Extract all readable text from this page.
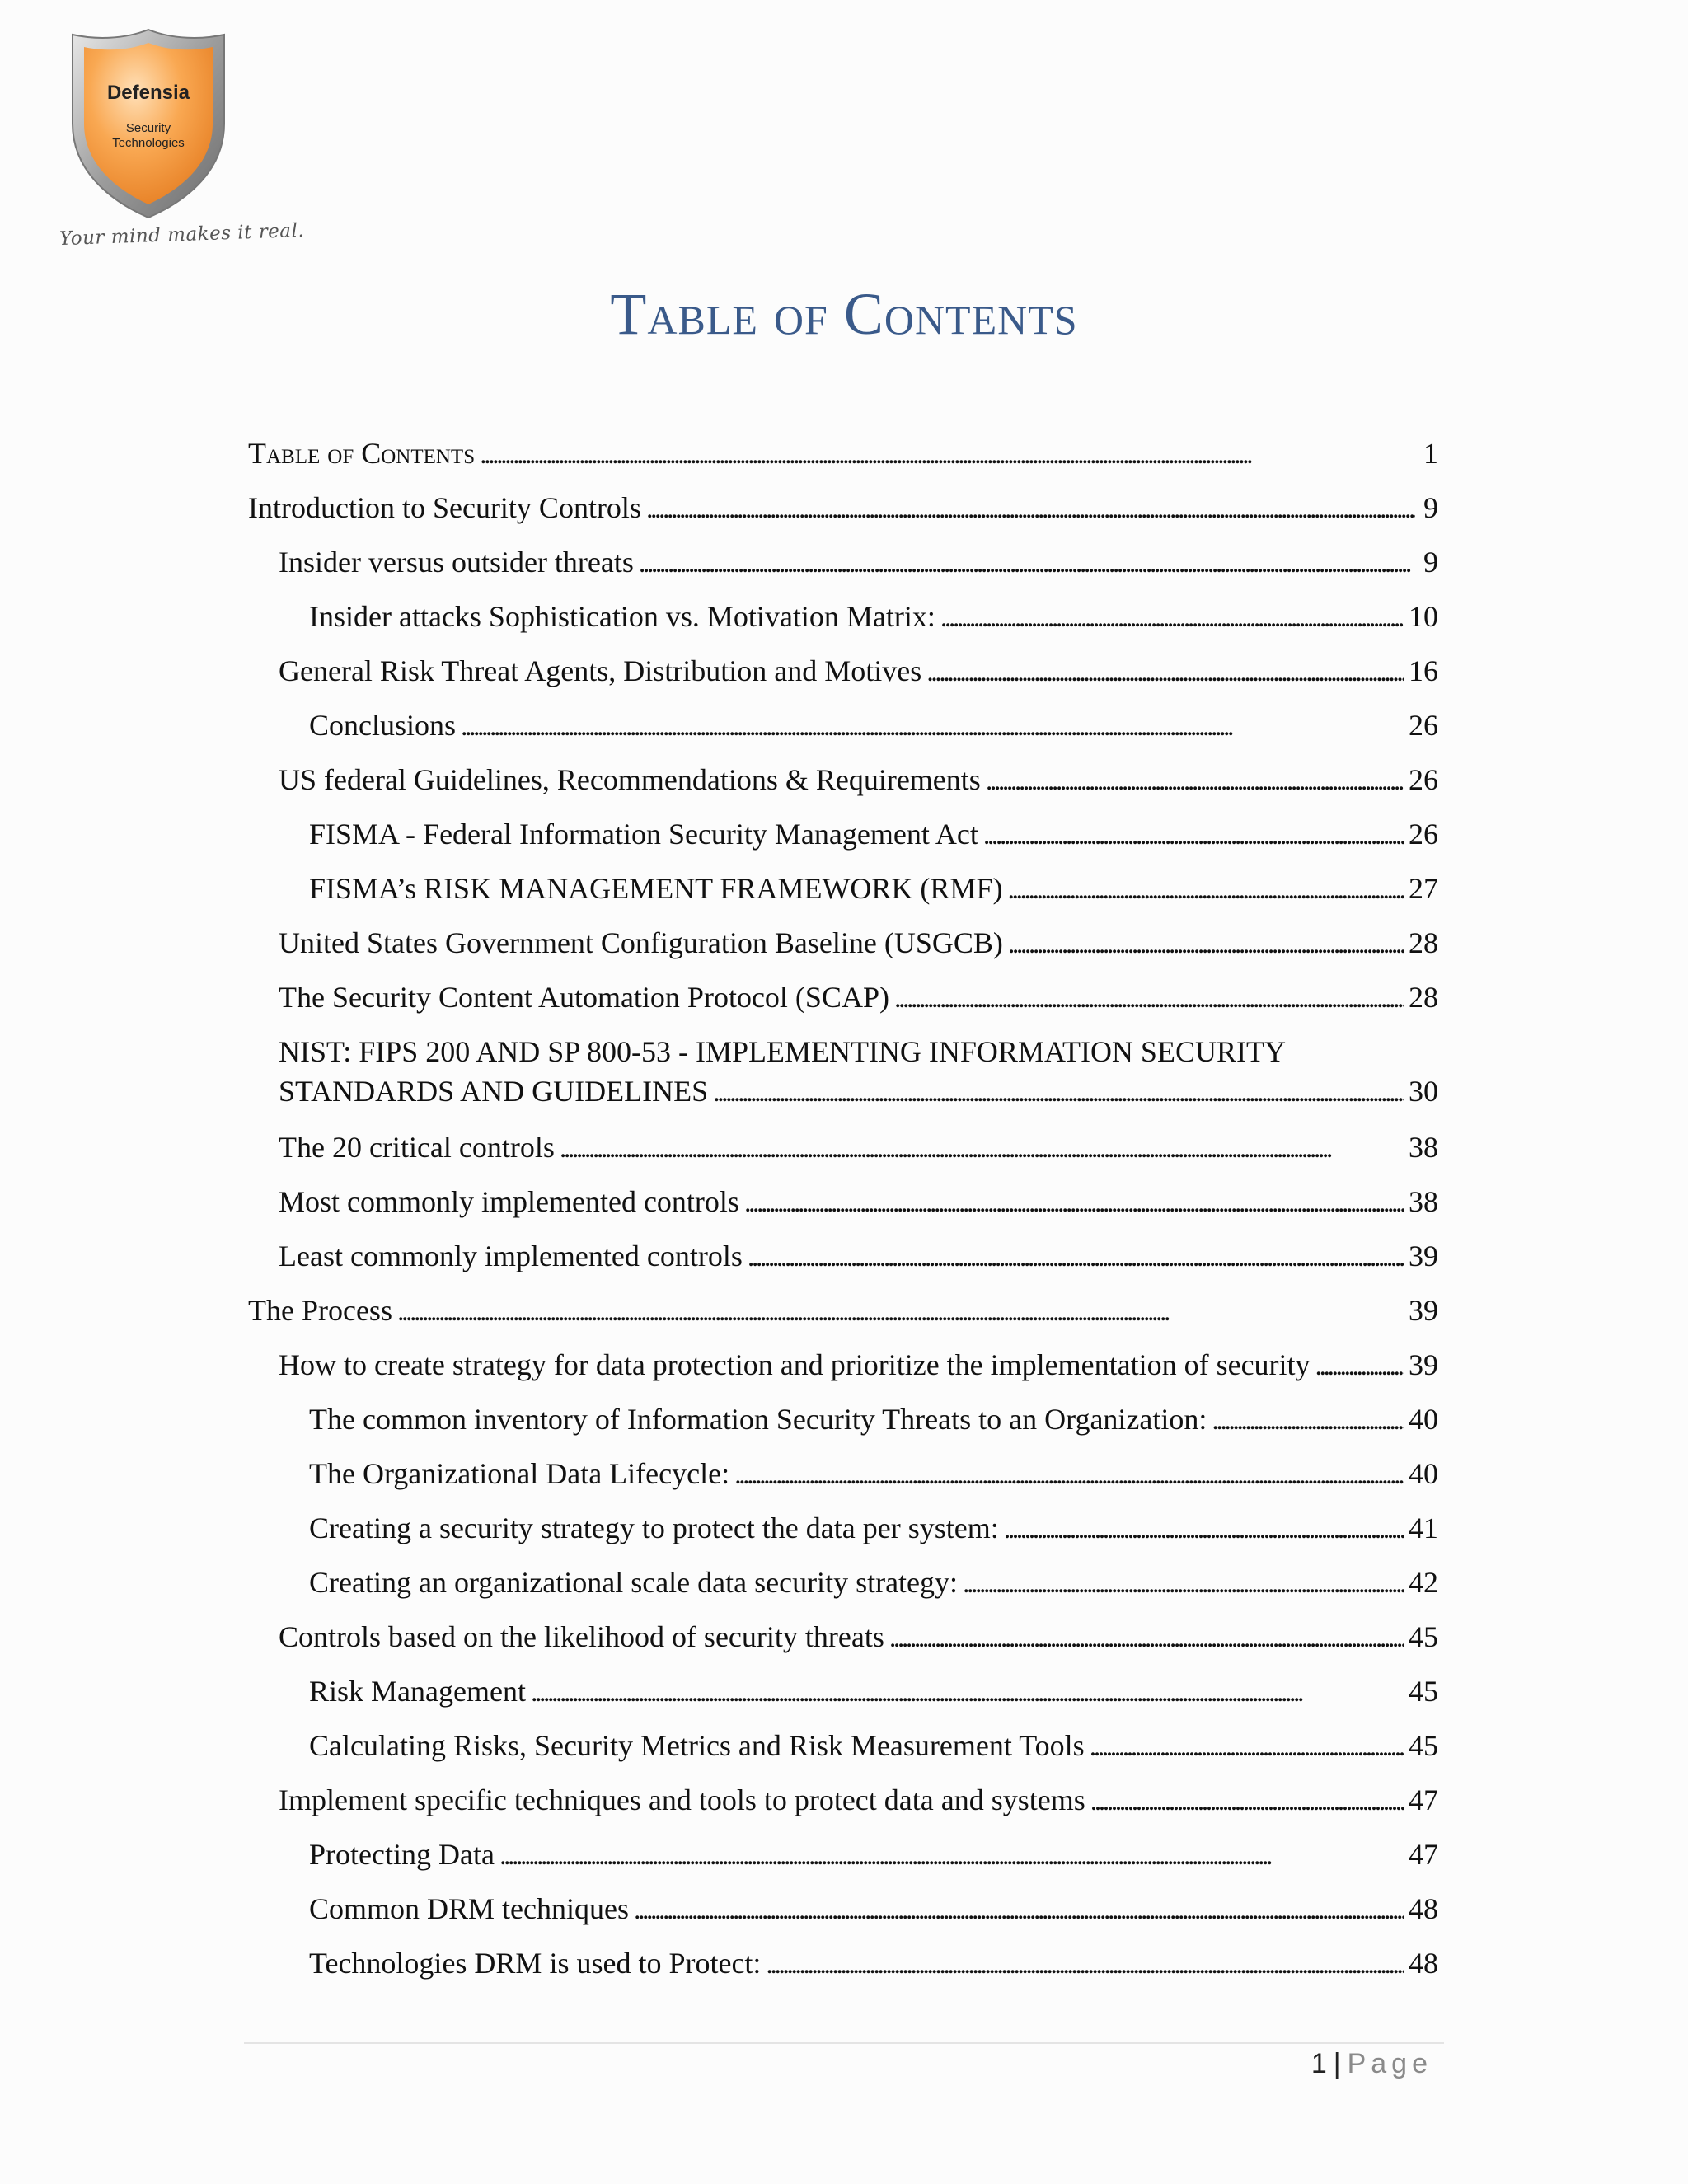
Defensia
Security
Technologies
Your mind makes it real.
Table of Contents
Table of Contents . . .	1
Introduction to Security Controls . . .	9
Insider versus outsider threats . . .	9
Insider attacks Sophistication vs. Motivation Matrix: . . .	10
General Risk Threat Agents, Distribution and Motives . . .	16
Conclusions . . .	26
US federal Guidelines, Recommendations & Requirements . . .	26
FISMA - Federal Information Security Management Act . . .	26
FISMA’s RISK MANAGEMENT FRAMEWORK (RMF) . . .	27
United States Government Configuration Baseline (USGCB) . . .	28
The Security Content Automation Protocol (SCAP) . . .	28
NIST: FIPS 200 AND SP 800-53 - IMPLEMENTING INFORMATION SECURITY
STANDARDS AND GUIDELINES . . .	30
The 20 critical controls . . .	38
Most commonly implemented controls . . .	38
Least commonly implemented controls . . .	39
The Process . . .	39
How to create strategy for data protection and prioritize the implementation of security . . .	39
The common inventory of Information Security Threats to an Organization: . . .	40
The Organizational Data Lifecycle: . . .	40
Creating a security strategy to protect the data per system: . . .	41
Creating an organizational scale data security strategy: . . .	42
Controls based on the likelihood of security threats . . .	45
Risk Management . . .	45
Calculating Risks, Security Metrics and Risk Measurement Tools . . .	45
Implement specific techniques and tools to protect data and systems . . .	47
Protecting Data . . .	47
Common DRM techniques . . .	48
Technologies DRM is used to Protect: . . .	48
1 | Page
